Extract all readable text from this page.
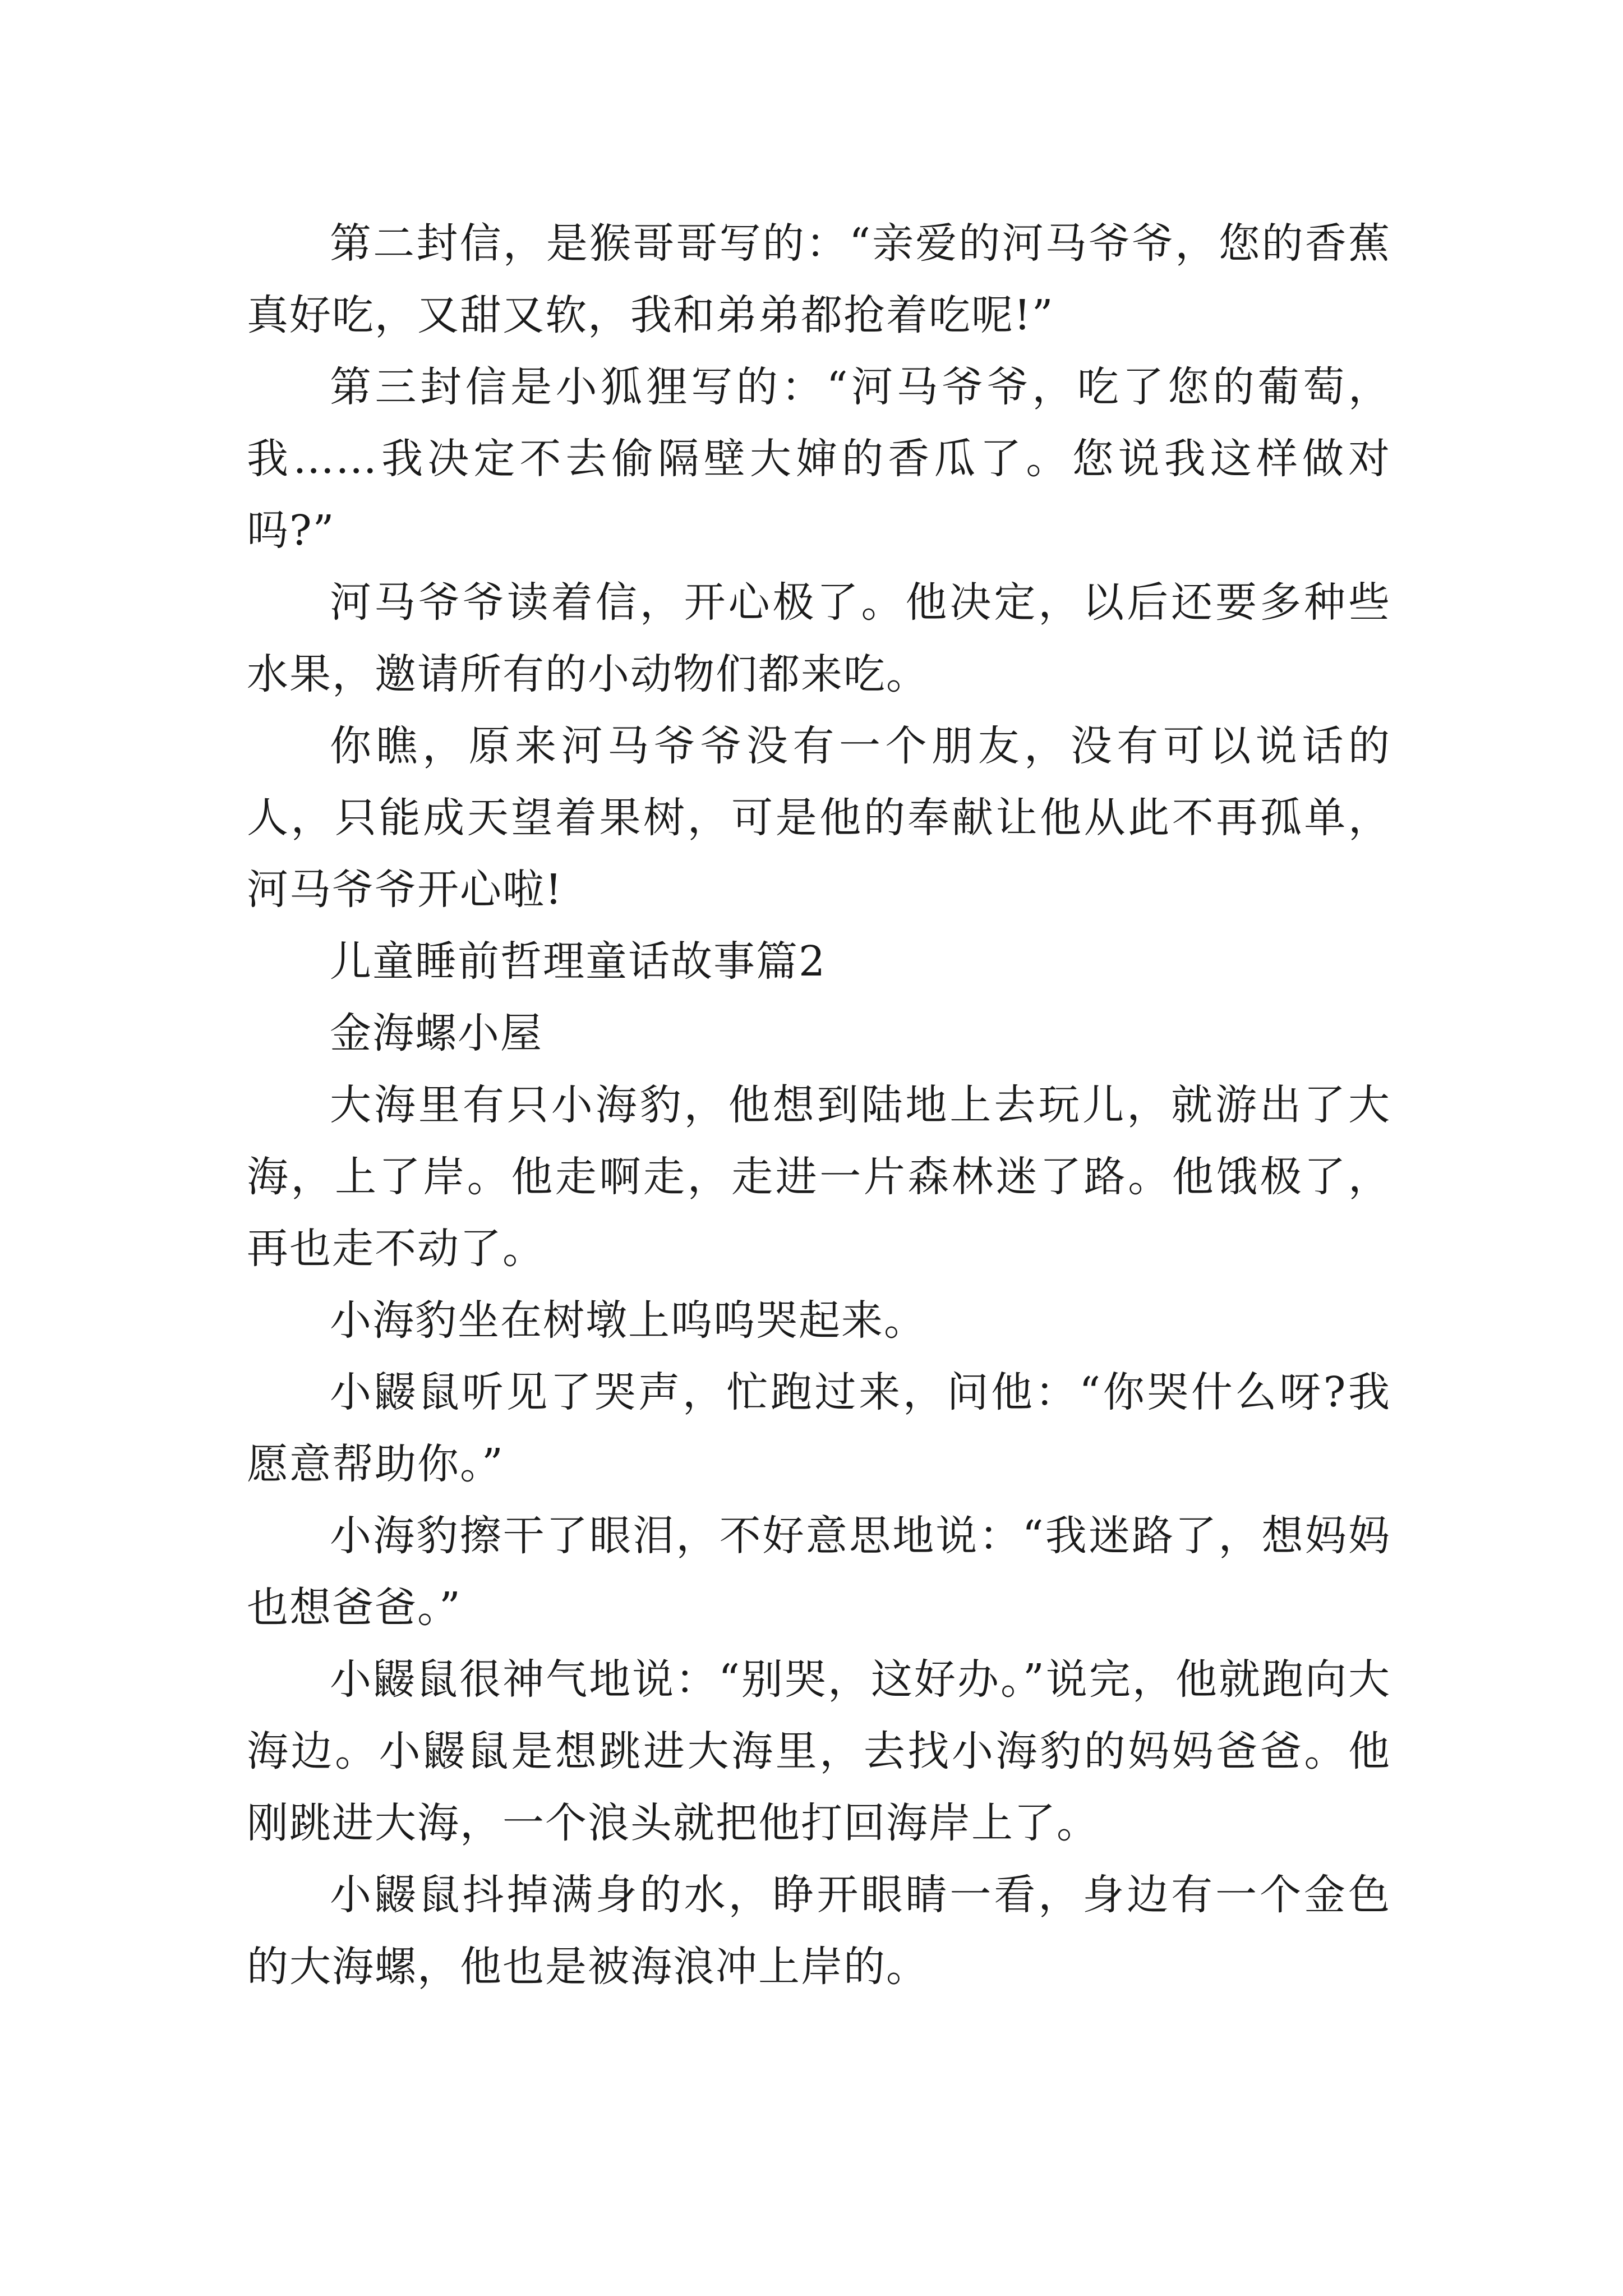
第二封信，是猴哥哥写的：“亲爱的河马爷爷，您的香蕉真好吃，又甜又软，我和弟弟都抢着吃呢!”

第三封信是小狐狸写的：“河马爷爷，吃了您的葡萄，我……我决定不去偷隔壁大婶的香瓜了。您说我这样做对吗?”

河马爷爷读着信，开心极了。他决定，以后还要多种些水果，邀请所有的小动物们都来吃。

你瞧，原来河马爷爷没有一个朋友，没有可以说话的人，只能成天望着果树，可是他的奉献让他从此不再孤单，河马爷爷开心啦!

儿童睡前哲理童话故事篇2

金海螺小屋

大海里有只小海豹，他想到陆地上去玩儿，就游出了大海，上了岸。他走啊走，走进一片森林迷了路。他饿极了，再也走不动了。

小海豹坐在树墩上呜呜哭起来。

小鼹鼠听见了哭声，忙跑过来，问他：“你哭什么呀?我愿意帮助你。”

小海豹擦干了眼泪，不好意思地说：“我迷路了，想妈妈也想爸爸。”

小鼹鼠很神气地说：“别哭，这好办。”说完，他就跑向大海边。小鼹鼠是想跳进大海里，去找小海豹的妈妈爸爸。他刚跳进大海，一个浪头就把他打回海岸上了。

小鼹鼠抖掉满身的水，睁开眼睛一看，身边有一个金色的大海螺，他也是被海浪冲上岸的。
